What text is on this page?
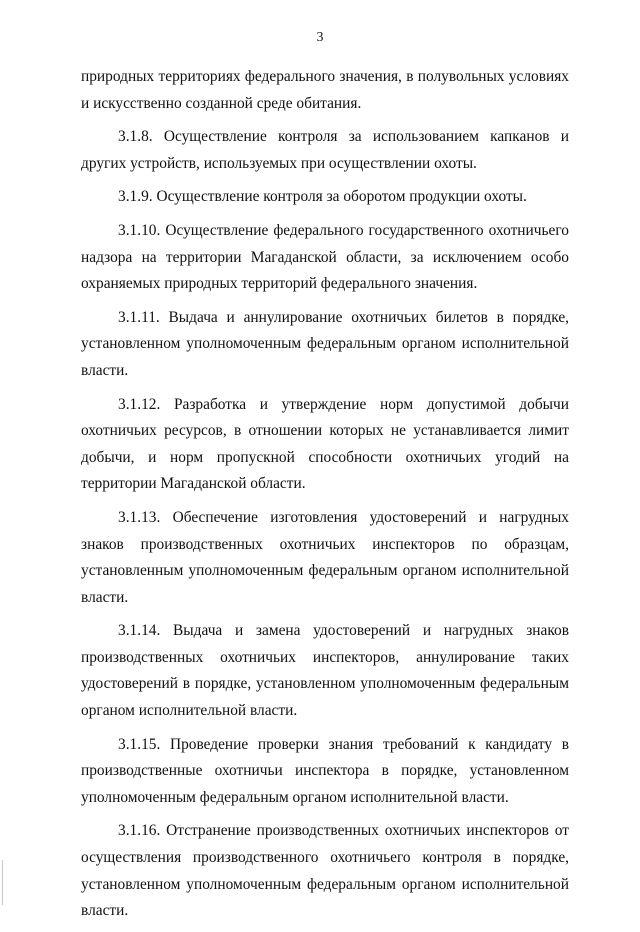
3

природных территориях федерального значения, в полувольных условиях и искусственно созданной среде обитания.

3.1.8. Осуществление контроля за использованием капканов и других устройств, используемых при осуществлении охоты.

3.1.9. Осуществление контроля за оборотом продукции охоты.

3.1.10. Осуществление федерального государственного охотничьего надзора на территории Магаданской области, за исключением особо охраняемых природных территорий федерального значения.

3.1.11. Выдача и аннулирование охотничьих билетов в порядке, установленном уполномоченным федеральным органом исполнительной власти.

3.1.12. Разработка и утверждение норм допустимой добычи охотничьих ресурсов, в отношении которых не устанавливается лимит добычи, и норм пропускной способности охотничьих угодий на территории Магаданской области.

3.1.13. Обеспечение изготовления удостоверений и нагрудных знаков производственных охотничьих инспекторов по образцам, установленным уполномоченным федеральным органом исполнительной власти.

3.1.14. Выдача и замена удостоверений и нагрудных знаков производственных охотничьих инспекторов, аннулирование таких удостоверений в порядке, установленном уполномоченным федеральным органом исполнительной власти.

3.1.15. Проведение проверки знания требований к кандидату в производственные охотничьи инспектора в порядке, установленном уполномоченным федеральным органом исполнительной власти.

3.1.16. Отстранение производственных охотничьих инспекторов от осуществления производственного охотничьего контроля в порядке, установленном уполномоченным федеральным органом исполнительной власти.
